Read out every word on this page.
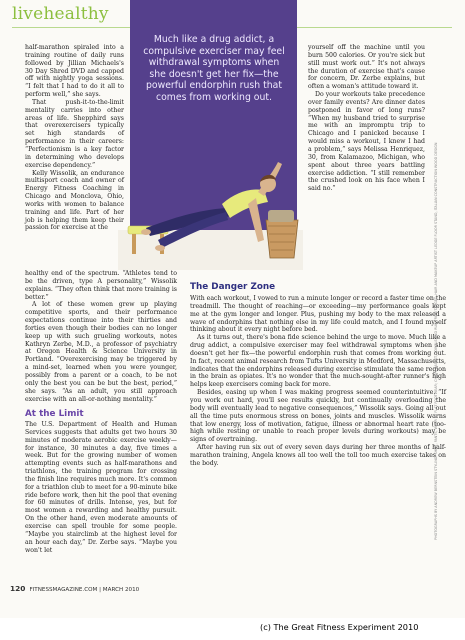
livehealthy

Much like a drug addict, a compulsive exerciser may feel withdrawal symptoms when she doesn't get her fix—the powerful endorphin rush that comes from working out.

half-marathon spiraled into a training routine of daily runs followed by Jillian Michaels's 30 Day Shred DVD and capped off with nightly yoga sessions. “I felt that I had to do it all to perform well,” she says.

That push-it-to-the-limit mentality carries into other areas of life. Shepphird says that overexercisers typically set high standards of performance in their careers: “Perfectionism is a key factor in determining who develops exercise dependency.”

Kelly Wissolik, an endurance multisport coach and owner of Energy Fitness Coaching in Chicago and Monclova, Ohio, works with women to balance training and life. Part of her job is helping them keep their passion for exercise at the

healthy end of the spectrum. “Athletes tend to be the driven, type A personality,” Wissolik explains. “They often think that more training is better.”

A lot of these women grew up playing competitive sports, and their performance expectations continue into their thirties and forties even though their bodies can no longer keep up with such grueling workouts, notes Kathryn Zerbe, M.D., a professor of psychiatry at Oregon Health & Science University in Portland. “Overexercising may be triggered by a mind-set, learned when you were younger, possibly from a parent or a coach, to be not only the best you can be but the best, period,” she says. “As an adult, you still approach exercise with an all-or-nothing mentality.”

At the Limit

The U.S. Department of Health and Human Services suggests that adults get two hours 30 minutes of moderate aerobic exercise weekly—for instance, 30 minutes a day, five times a week. But for the growing number of women attempting events such as half-marathons and triathlons, the training program for crossing the finish line requires much more. It's common for a triathlon club to meet for a 90-minute bike ride before work, then hit the pool that evening for 60 minutes of drills. Intense, yes, but for most women a rewarding and healthy pursuit. On the other hand, even moderate amounts of exercise can spell trouble for some people. “Maybe you stairclimb at the highest level for an hour each day,” Dr. Zerbe says. “Maybe you won't let

The Danger Zone

With each workout, I vowed to run a minute longer or record a faster time on the treadmill. The thought of reaching—or exceeding—my performance goals kept me at the gym longer and longer. Plus, pushing my body to the max released a wave of endorphins that nothing else in my life could match, and I found myself thinking about it every night before bed.

As it turns out, there's bona fide science behind the urge to move. Much like a drug addict, a compulsive exerciser may feel withdrawal symptoms when she doesn't get her fix—the powerful endorphin rush that comes from working out. In fact, recent animal research from Tufts University in Medford, Massachusetts, indicates that the endorphins released during exercise stimulate the same region in the brain as opiates. It's no wonder that the much-sought-after runner's high helps keep exercisers coming back for more.

Besides, easing up when I was making progress seemed counterintuitive. “If you work out hard, you'll see results quickly, but continually overloading the body will eventually lead to negative consequences,” Wissolik says. Going all out all the time puts enormous stress on bones, joints and muscles. Wissolik warns that low energy, loss of motivation, fatigue, illness or abnormal heart rate (too-high while resting or unable to reach proper levels during workouts) may be signs of overtraining.

After having run six out of every seven days during her three months of half-marathon training, Angela knows all too well the toll too much exercise takes on the body.

yourself off the machine until you burn 500 calories. Or you're sick but still must work out.” It's not always the duration of exercise that's cause for concern, Dr. Zerbe explains, but often a woman's attitude toward it.

Do your workouts take precedence over family events? Are dinner dates postponed in favor of long runs? “When my husband tried to surprise me with an impromptu trip to Chicago and I panicked because I would miss a workout, I knew I had a problem,” says Melissa Henriquez, 30, from Kalamazoo, Michigan, who spent about three years battling exercise addiction. “I still remember the crushed look on his face when I said no.”

PHOTOGRAPHS BY ANDREW BERNSTEIN STYLING: SHIRT, PANTS, WEAR BY FLAT FOOTWEAR; CHAIR, BASKET, TOWELS AND RUG FROM TARGET; HAIR AND MAKEUP ARTIST LEDGE FLOOR STAND, ITALIAN CONSTRUCTION WOOD DESIGN
120 FITNESSMAGAZINE.COM | MARCH 2010
(c) The Great Fitness Experiment 2010
